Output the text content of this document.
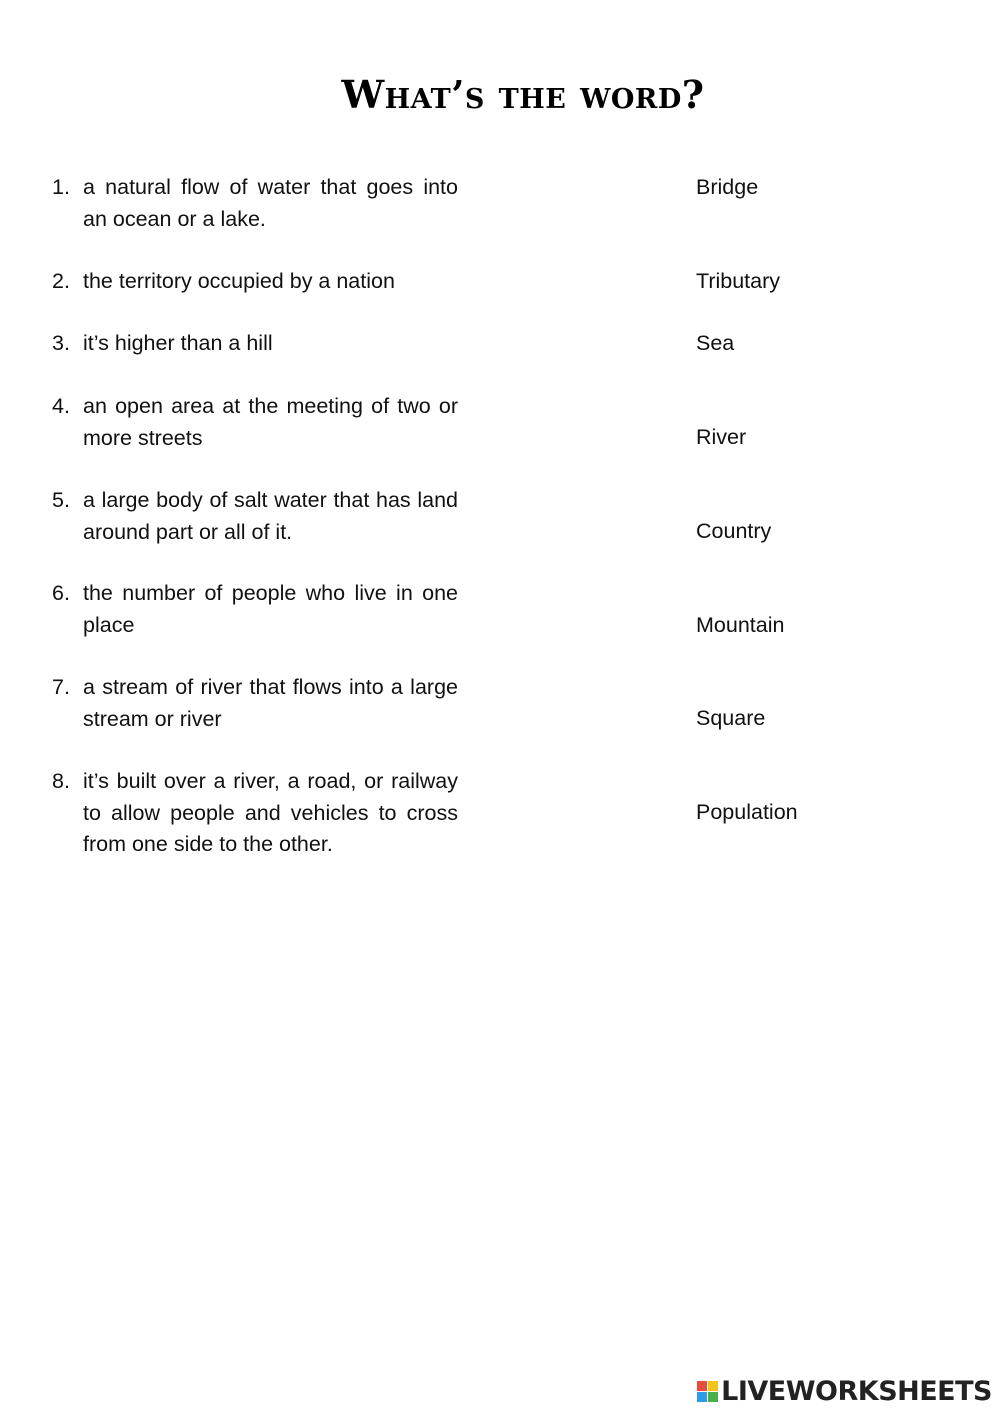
What’s the word?
1. a natural flow of water that goes into an ocean or a lake.
2. the territory occupied by a nation
3. it’s higher than a hill
4. an open area at the meeting of two or more streets
5. a large body of salt water that has land around part or all of it.
6. the number of people who live in one place
7. a stream of river that flows into a large stream or river
8. it’s built over a river, a road, or railway to allow people and vehicles to cross from one side to the other.
Bridge
Tributary
Sea
River
Country
Mountain
Square
Population
LIVEWORKSHEETS
